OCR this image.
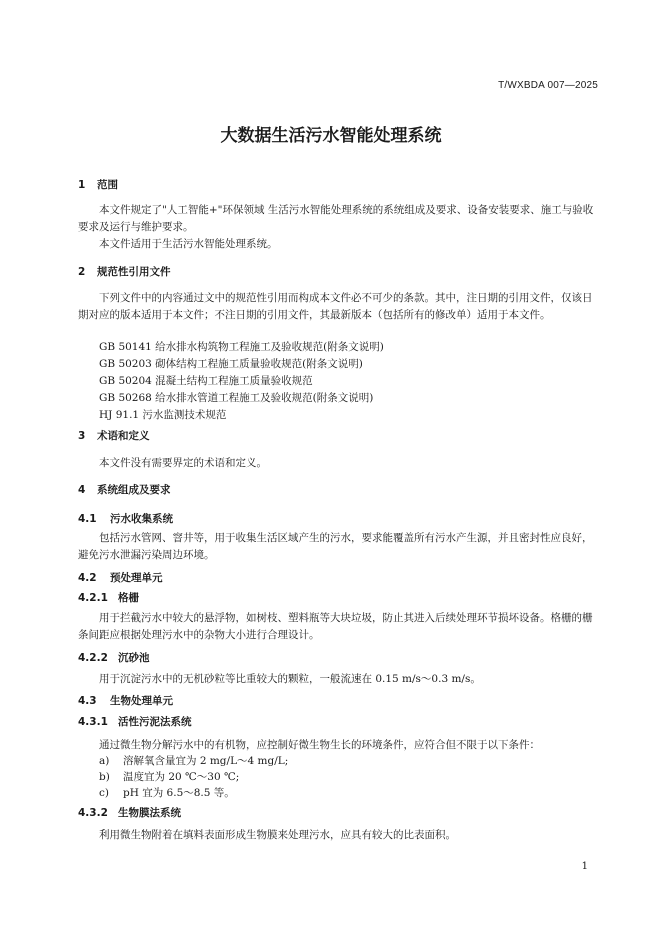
T/WXBDA 007—2025
大数据生活污水智能处理系统
1 范围
本文件规定了"人工智能+"环保领域 生活污水智能处理系统的系统组成及要求、设备安装要求、施工与验收要求及运行与维护要求。
本文件适用于生活污水智能处理系统。
2 规范性引用文件
下列文件中的内容通过文中的规范性引用而构成本文件必不可少的条款。其中，注日期的引用文件，仅该日期对应的版本适用于本文件；不注日期的引用文件，其最新版本（包括所有的修改单）适用于本文件。
GB 50141 给水排水构筑物工程施工及验收规范(附条文说明)
GB 50203 砌体结构工程施工质量验收规范(附条文说明)
GB 50204 混凝土结构工程施工质量验收规范
GB 50268 给水排水管道工程施工及验收规范(附条文说明)
HJ 91.1 污水监测技术规范
3 术语和定义
本文件没有需要界定的术语和定义。
4 系统组成及要求
4.1 污水收集系统
包括污水管网、窨井等，用于收集生活区域产生的污水，要求能覆盖所有污水产生源，并且密封性应良好，避免污水泄漏污染周边环境。
4.2 预处理单元
4.2.1 格栅
用于拦截污水中较大的悬浮物，如树枝、塑料瓶等大块垃圾，防止其进入后续处理环节损坏设备。格栅的栅条间距应根据处理污水中的杂物大小进行合理设计。
4.2.2 沉砂池
用于沉淀污水中的无机砂粒等比重较大的颗粒，一般流速在 0.15 m/s～0.3 m/s。
4.3 生物处理单元
4.3.1 活性污泥法系统
通过微生物分解污水中的有机物，应控制好微生物生长的环境条件，应符合但不限于以下条件：
a) 溶解氧含量宜为 2 mg/L～4 mg/L;
b) 温度宜为 20 ℃～30 ℃;
c) pH 宜为 6.5～8.5 等。
4.3.2 生物膜法系统
利用微生物附着在填料表面形成生物膜来处理污水，应具有较大的比表面积。
1
